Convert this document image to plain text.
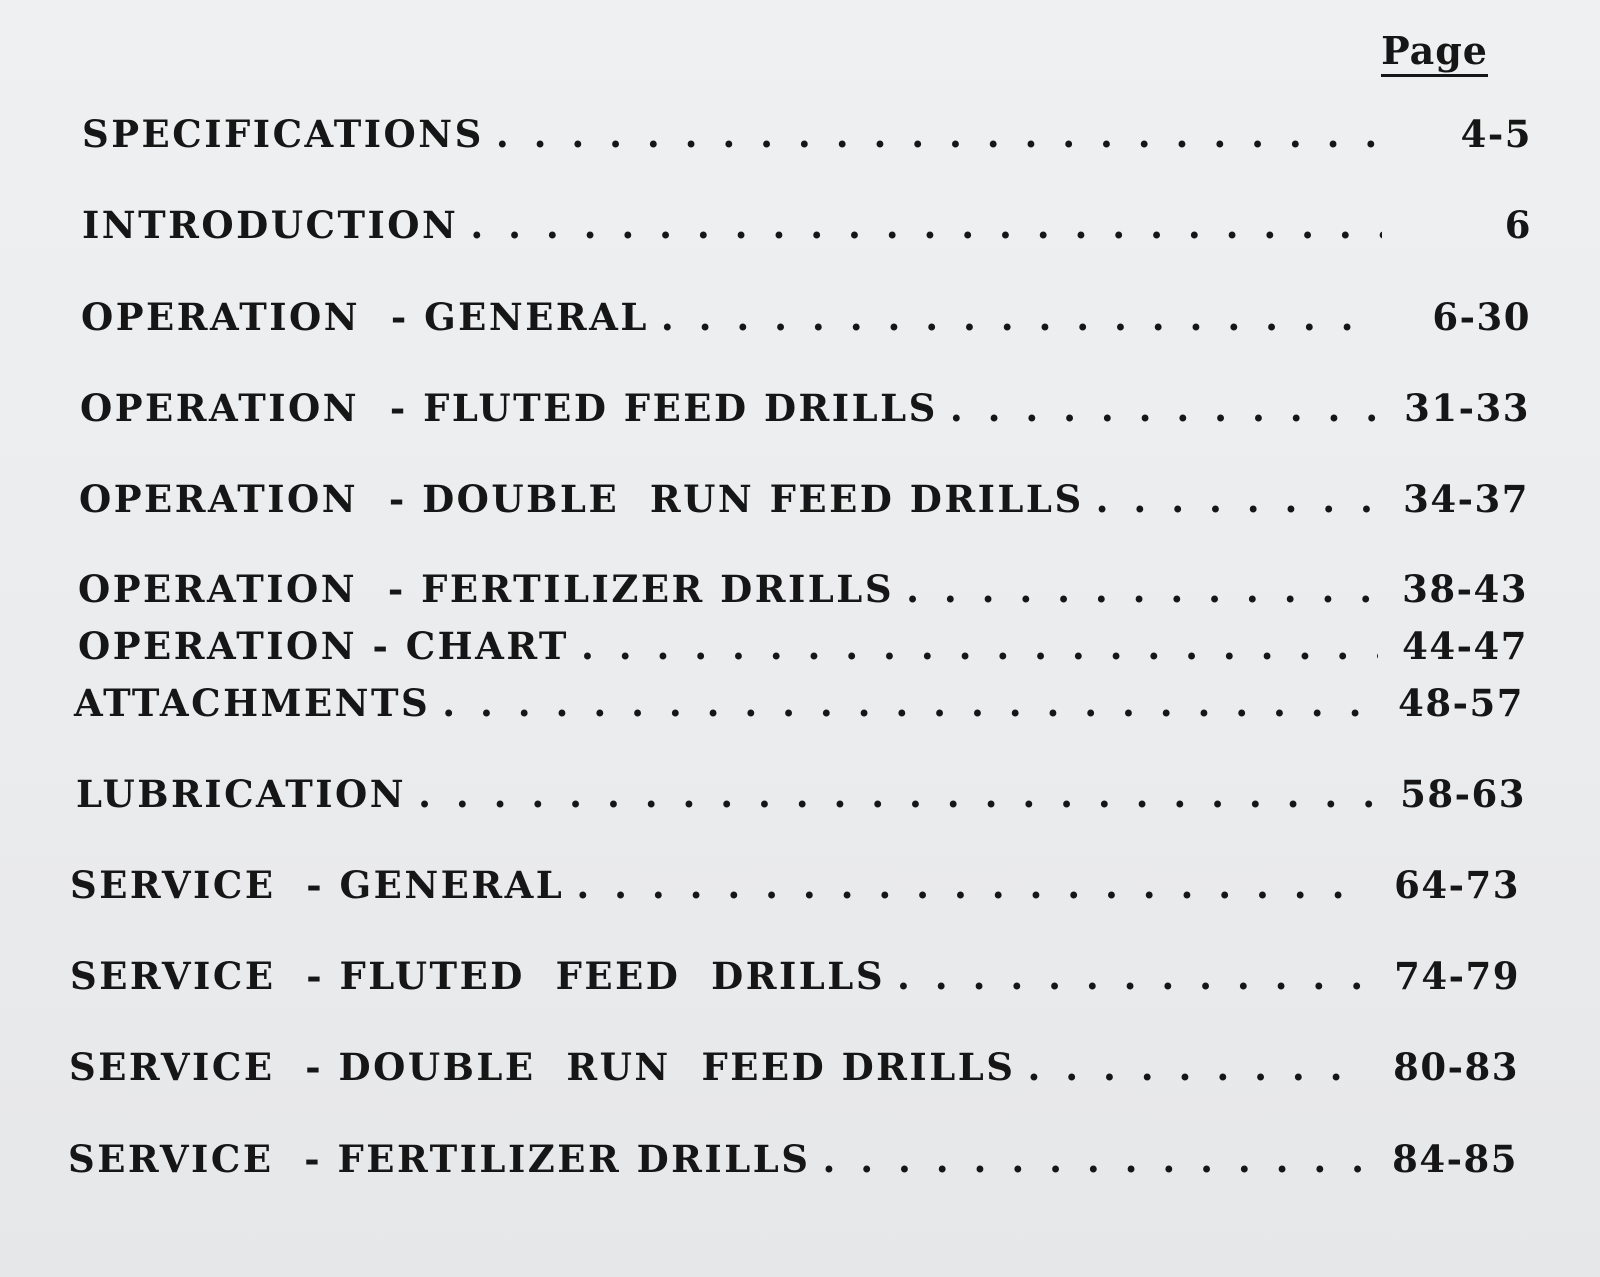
Page
SPECIFICATIONS . . .	4-5
INTRODUCTION . . .	6
OPERATION  - GENERAL . . .	6-30
OPERATION  - FLUTED FEED DRILLS . . .	31-33
OPERATION  - DOUBLE  RUN FEED DRILLS . . .	34-37
OPERATION  - FERTILIZER DRILLS . . .	38-43
OPERATION - CHART . . .	44-47
ATTACHMENTS . . .	48-57
LUBRICATION . . .	58-63
SERVICE  - GENERAL . . .	64-73
SERVICE  - FLUTED  FEED  DRILLS . . .	74-79
SERVICE  - DOUBLE  RUN  FEED DRILLS . . .	80-83
SERVICE  - FERTILIZER DRILLS . . .	84-85
